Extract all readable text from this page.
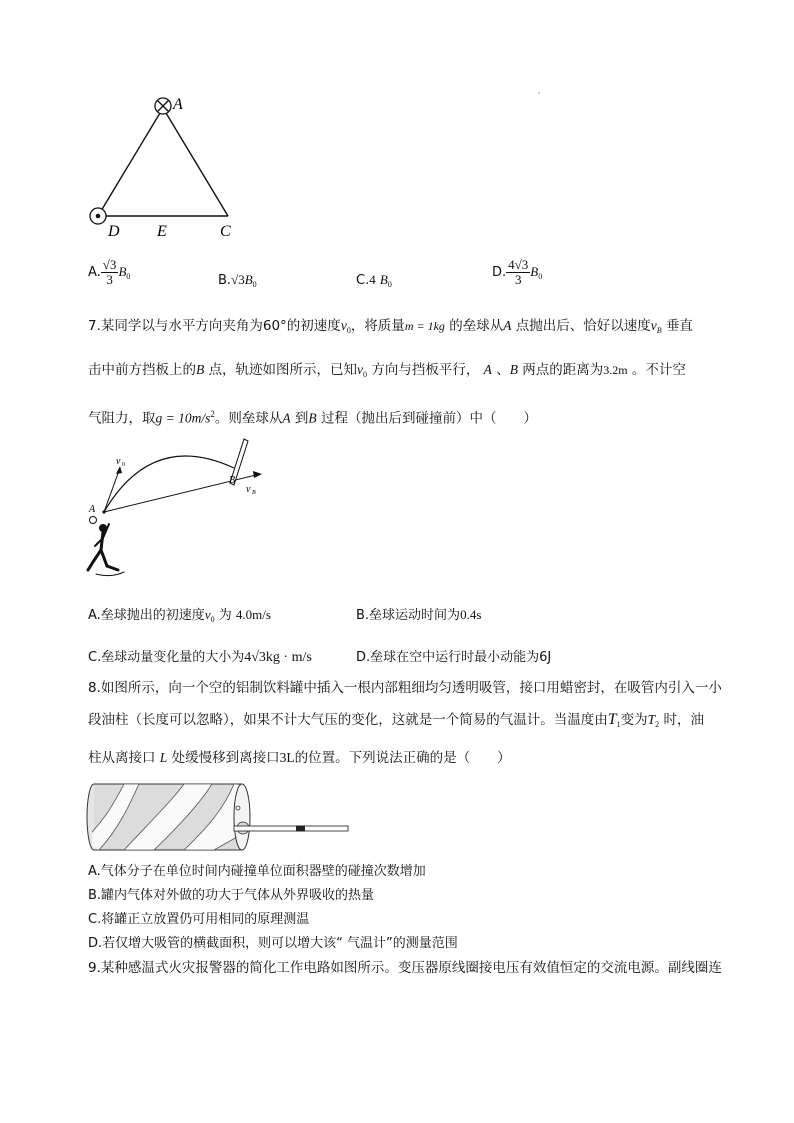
A
D E	C
A. $\frac{√3}{3} B_0$	$B.√3B_0$	C.4 $B_0$
D. $\frac{4√3}{3} B_0$
7.某同学以与水平方向夹角为60°的初速度$v_0$，将质量m = 1kg 的垒球从A 点抛出后、恰好以速度$v_B$ 垂直
击中前方挡板上的B 点，轨迹如图所示，已知$v_0$ 方向与挡板平行， A 、B 两点的距离为3.2m 。不计空
气阻力，取$g = 10m/s^2$。则垒球从A 到B 过程（抛出后到碰撞前）中（　　）
v 0
B
v B
A
A.垒球抛出的初速度$v_0$ 为 4.0m/s	B.垒球运动时间为0.4s
C.垒球动量变化量的大小为4√3kg · m/s	D.垒球在空中运行时最小动能为6J
8.如图所示，向一个空的铝制饮料罐中插入一根内部粗细均匀透明吸管，接口用蜡密封，在吸管内引入一小
段油柱（长度可以忽略），如果不计大气压的变化，这就是一个简易的气温计。当温度由$T_1$变为$T_2$ 时，油
柱从离接口 L 处缓慢移到离接口3L的位置。下列说法正确的是（　　）
A.气体分子在单位时间内碰撞单位面积器壁的碰撞次数增加
B.罐内气体对外做的功大于气体从外界吸收的热量
C.将罐正立放置仍可用相同的原理测温
D.若仅增大吸管的横截面积，则可以增大该“ 气温计”的测量范围
9.某种感温式火灾报警器的简化工作电路如图所示。变压器原线圈接电压有效值恒定的交流电源。副线圈连
